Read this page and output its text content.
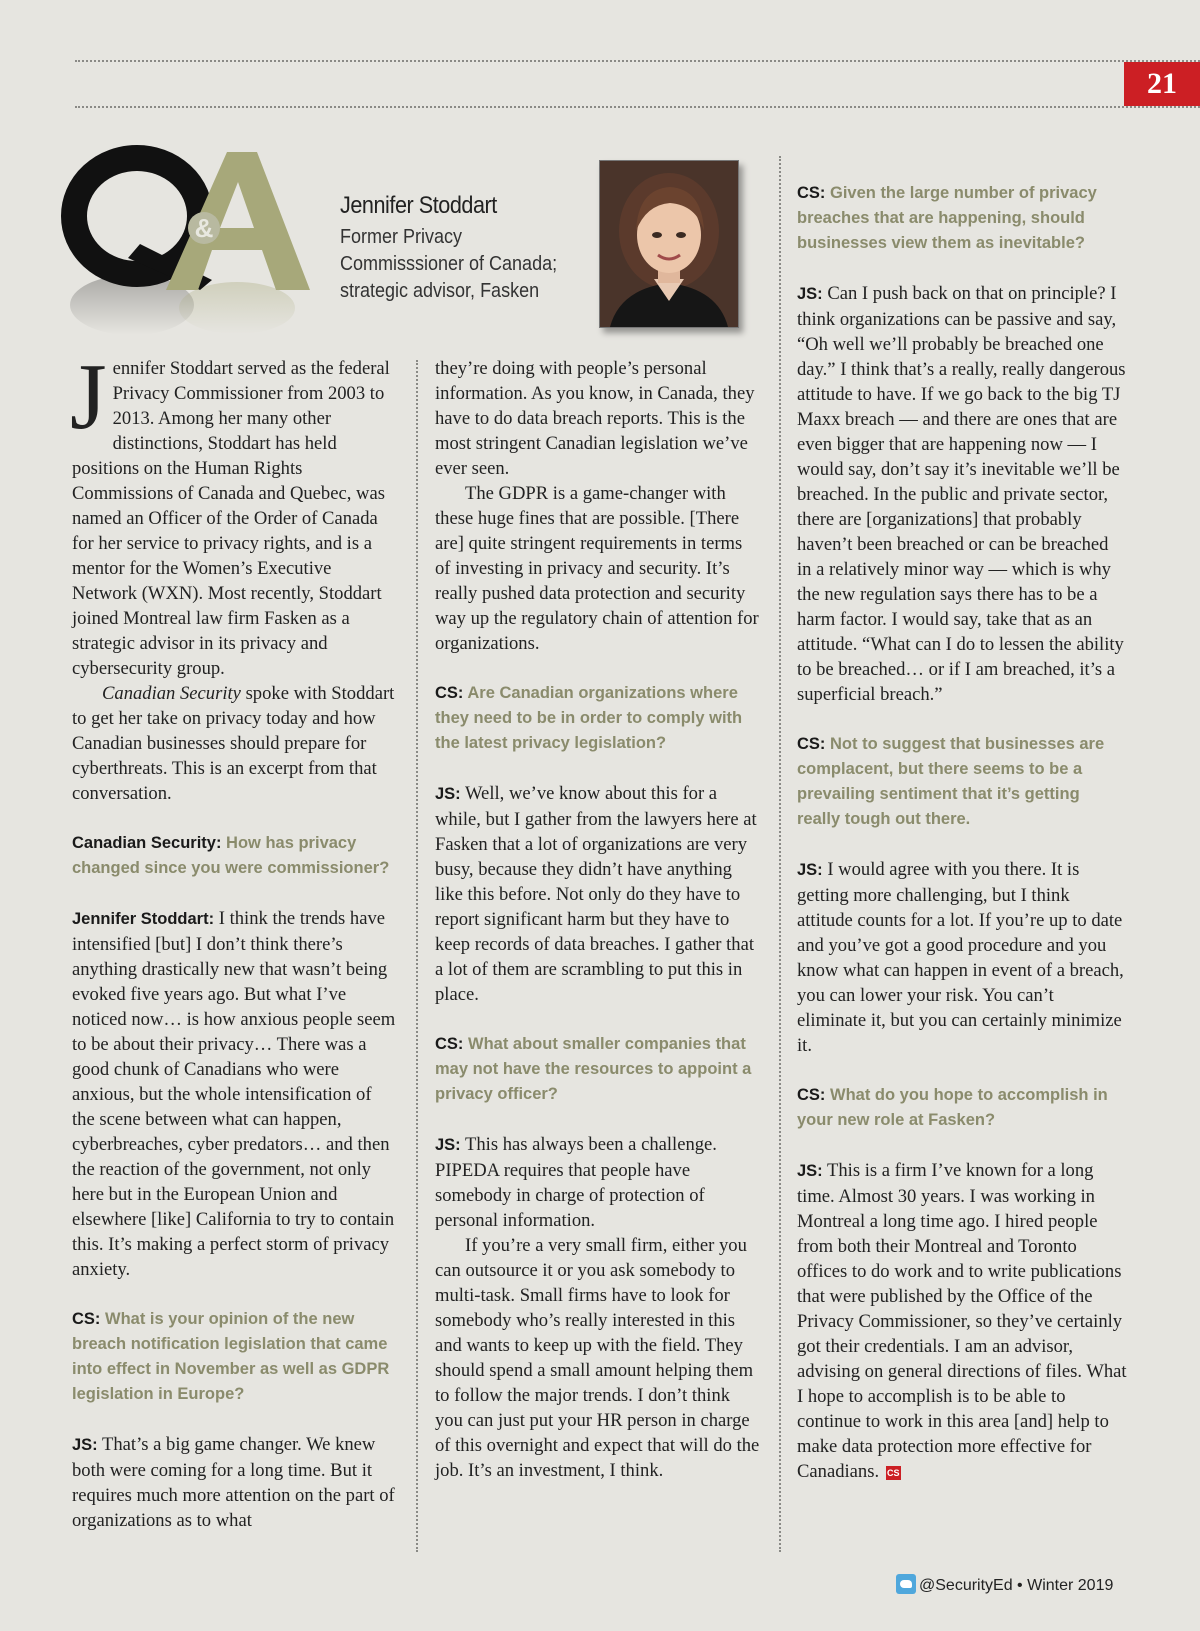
21
&
Jennifer Stoddart
Former Privacy
Commisssioner of Canada;
strategic advisor, Fasken

Jennifer Stoddart served as the federal Privacy Commissioner from 2003 to 2013. Among her many other distinctions, Stoddart has held positions on the Human Rights Commissions of Canada and Quebec, was named an Officer of the Order of Canada for her service to privacy rights, and is a mentor for the Women’s Executive Network (WXN). Most recently, Stoddart joined Montreal law firm Fasken as a strategic advisor in its privacy and cybersecurity group.

Canadian Security spoke with Stoddart to get her take on privacy today and how Canadian businesses should prepare for cyberthreats. This is an excerpt from that conversation.

Canadian Security: How has privacy changed since you were commissioner?

Jennifer Stoddart: I think the trends have intensified [but] I don’t think there’s anything drastically new that wasn’t being evoked five years ago. But what I’ve noticed now… is how anxious people seem to be about their privacy… There was a good chunk of Canadians who were anxious, but the whole intensification of the scene between what can happen, cyberbreaches, cyber predators… and then the reaction of the government, not only here but in the European Union and elsewhere [like] California to try to contain this. It’s making a perfect storm of privacy anxiety.

CS: What is your opinion of the new breach notification legislation that came into effect in November as well as GDPR legislation in Europe?

JS: That’s a big game changer. We knew both were coming for a long time. But it requires much more attention on the part of organizations as to what

they’re doing with people’s personal information. As you know, in Canada, they have to do data breach reports. This is the most stringent Canadian legislation we’ve ever seen.

The GDPR is a game-changer with these huge fines that are possible. [There are] quite stringent requirements in terms of investing in privacy and security. It’s really pushed data protection and security way up the regulatory chain of attention for organizations.

CS: Are Canadian organizations where they need to be in order to comply with the latest privacy legislation?

JS: Well, we’ve know about this for a while, but I gather from the lawyers here at Fasken that a lot of organizations are very busy, because they didn’t have anything like this before. Not only do they have to report significant harm but they have to keep records of data breaches. I gather that a lot of them are scrambling to put this in place.

CS: What about smaller companies that may not have the resources to appoint a privacy officer?

JS: This has always been a challenge. PIPEDA requires that people have somebody in charge of protection of personal information.

If you’re a very small firm, either you can outsource it or you ask somebody to multi-task. Small firms have to look for somebody who’s really interested in this and wants to keep up with the field. They should spend a small amount helping them to follow the major trends. I don’t think you can just put your HR person in charge of this overnight and expect that will do the job. It’s an investment, I think.

CS: Given the large number of privacy breaches that are happening, should businesses view them as inevitable?

JS: Can I push back on that on principle? I think organizations can be passive and say, “Oh well we’ll probably be breached one day.” I think that’s a really, really dangerous attitude to have. If we go back to the big TJ Maxx breach — and there are ones that are even bigger that are happening now — I would say, don’t say it’s inevitable we’ll be breached. In the public and private sector, there are [organizations] that probably haven’t been breached or can be breached in a relatively minor way — which is why the new regulation says there has to be a harm factor. I would say, take that as an attitude. “What can I do to lessen the ability to be breached… or if I am breached, it’s a superficial breach.”

CS: Not to suggest that businesses are complacent, but there seems to be a prevailing sentiment that it’s getting really tough out there.

JS: I would agree with you there. It is getting more challenging, but I think attitude counts for a lot. If you’re up to date and you’ve got a good procedure and you know what can happen in event of a breach, you can lower your risk. You can’t eliminate it, but you can certainly minimize it.

CS: What do you hope to accomplish in your new role at Fasken?

JS: This is a firm I’ve known for a long time. Almost 30 years. I was working in Montreal a long time ago. I hired people from both their Montreal and Toronto offices to do work and to write publications that were published by the Office of the Privacy Commissioner, so they’ve certainly got their credentials. I am an advisor, advising on general directions of files. What I hope to accomplish is to be able to continue to work in this area [and] help to make data protection more effective for Canadians. CS

@SecurityEd • Winter 2019
